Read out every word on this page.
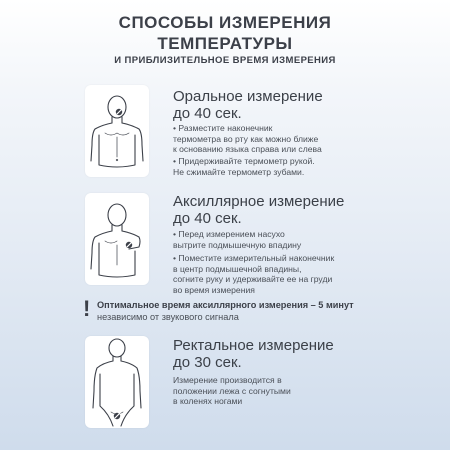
СПОСОБЫ ИЗМЕРЕНИЯ
ТЕМПЕРАТУРЫ
И ПРИБЛИЗИТЕЛЬНОЕ ВРЕМЯ ИЗМЕРЕНИЯ
Оральное измерение
до 40 сек.
• Разместите наконечник
термометра во рту как можно ближе
к основанию языка справа или слева
• Придерживайте термометр рукой.
Не сжимайте термометр зубами.
Аксиллярное измерение
до 40 сек.
• Перед измерением насухо
вытрите подмышечную впадину
• Поместите измерительный наконечник
в центр подмышечной впадины,
согните руку и удерживайте ее на груди
во время измерения
! Оптимальное время аксиллярного измерения – 5 минут
независимо от звукового сигнала
Ректальное измерение
до 30 сек.
Измерение производится в
положении лежа с согнутыми
в коленях ногами
